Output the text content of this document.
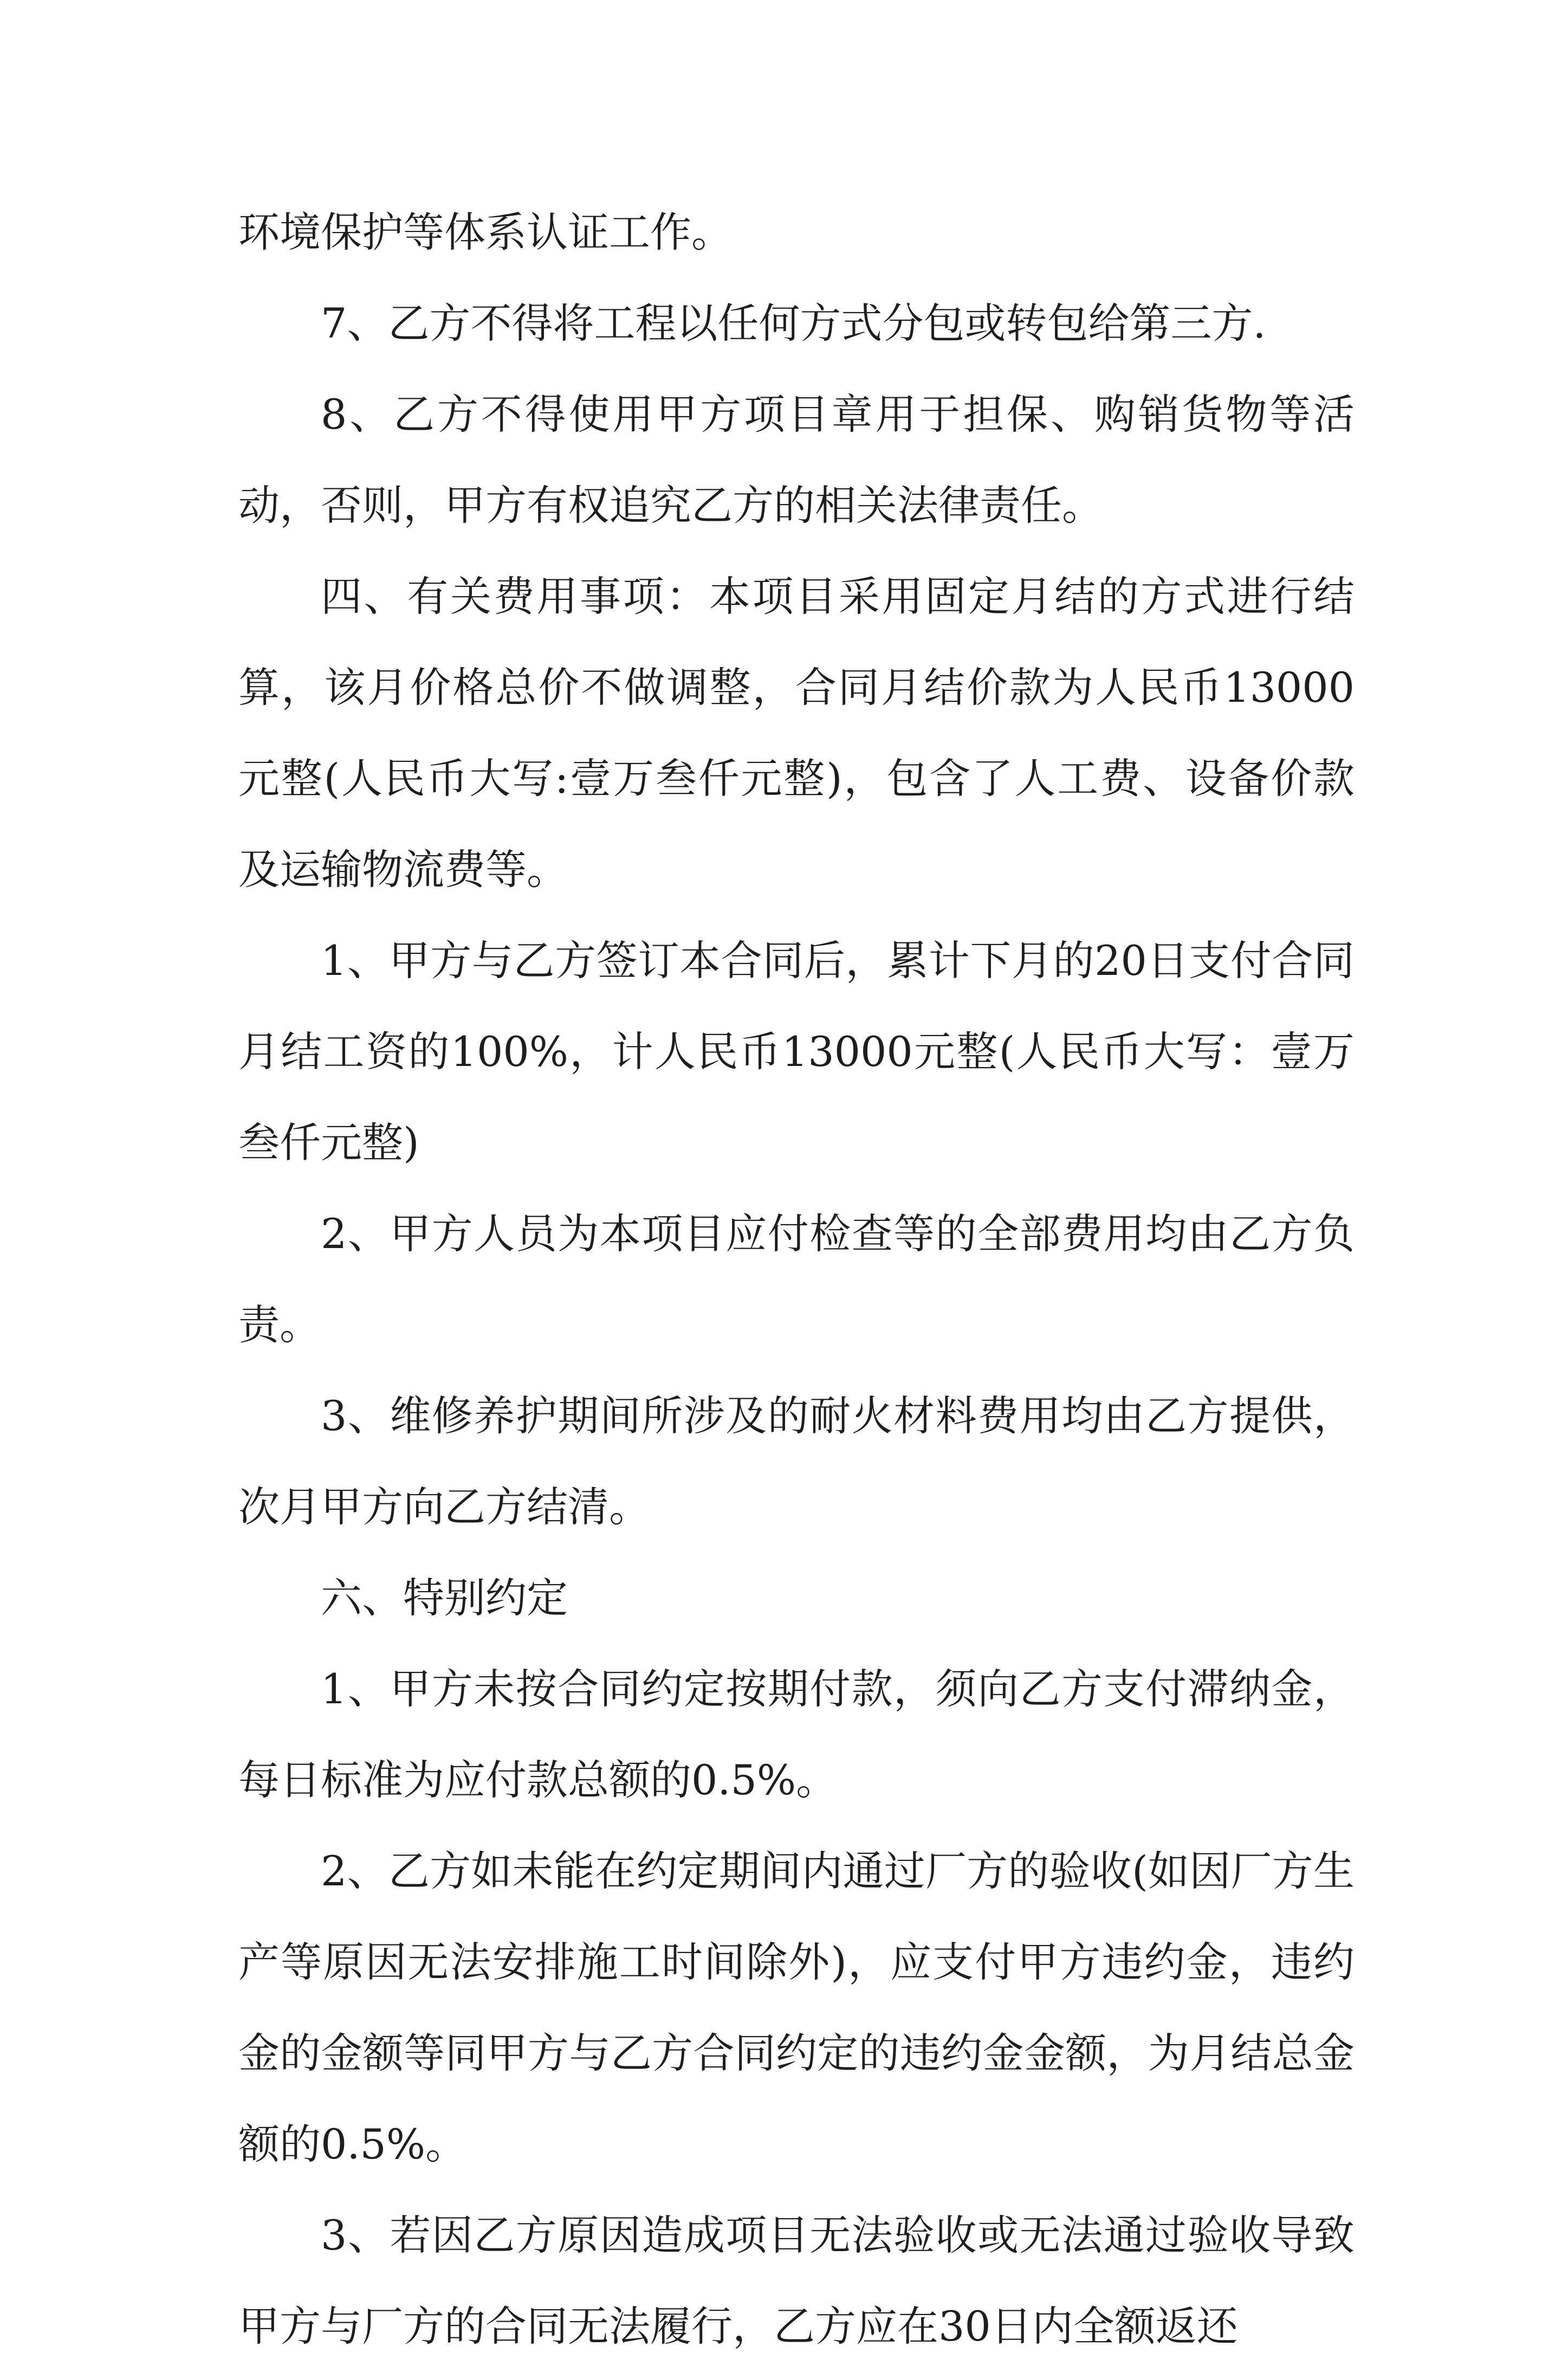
环境保护等体系认证工作。

7、乙方不得将工程以任何方式分包或转包给第三方.

8、乙方不得使用甲方项目章用于担保、购销货物等活动，否则，甲方有权追究乙方的相关法律责任。

四、有关费用事项：本项目采用固定月结的方式进行结算，该月价格总价不做调整，合同月结价款为人民币13000元整(人民币大写:壹万叁仟元整)，包含了人工费、设备价款及运输物流费等。

1、甲方与乙方签订本合同后，累计下月的20日支付合同月结工资的100%，计人民币13000元整(人民币大写：壹万叁仟元整)

2、甲方人员为本项目应付检查等的全部费用均由乙方负责。

3、维修养护期间所涉及的耐火材料费用均由乙方提供，次月甲方向乙方结清。

六、特别约定

1、甲方未按合同约定按期付款，须向乙方支付滞纳金，每日标准为应付款总额的0.5%。

2、乙方如未能在约定期间内通过厂方的验收(如因厂方生产等原因无法安排施工时间除外)，应支付甲方违约金，违约金的金额等同甲方与乙方合同约定的违约金金额，为月结总金额的0.5%。

3、若因乙方原因造成项目无法验收或无法通过验收导致甲方与厂方的合同无法履行，乙方应在30日内全额返还
